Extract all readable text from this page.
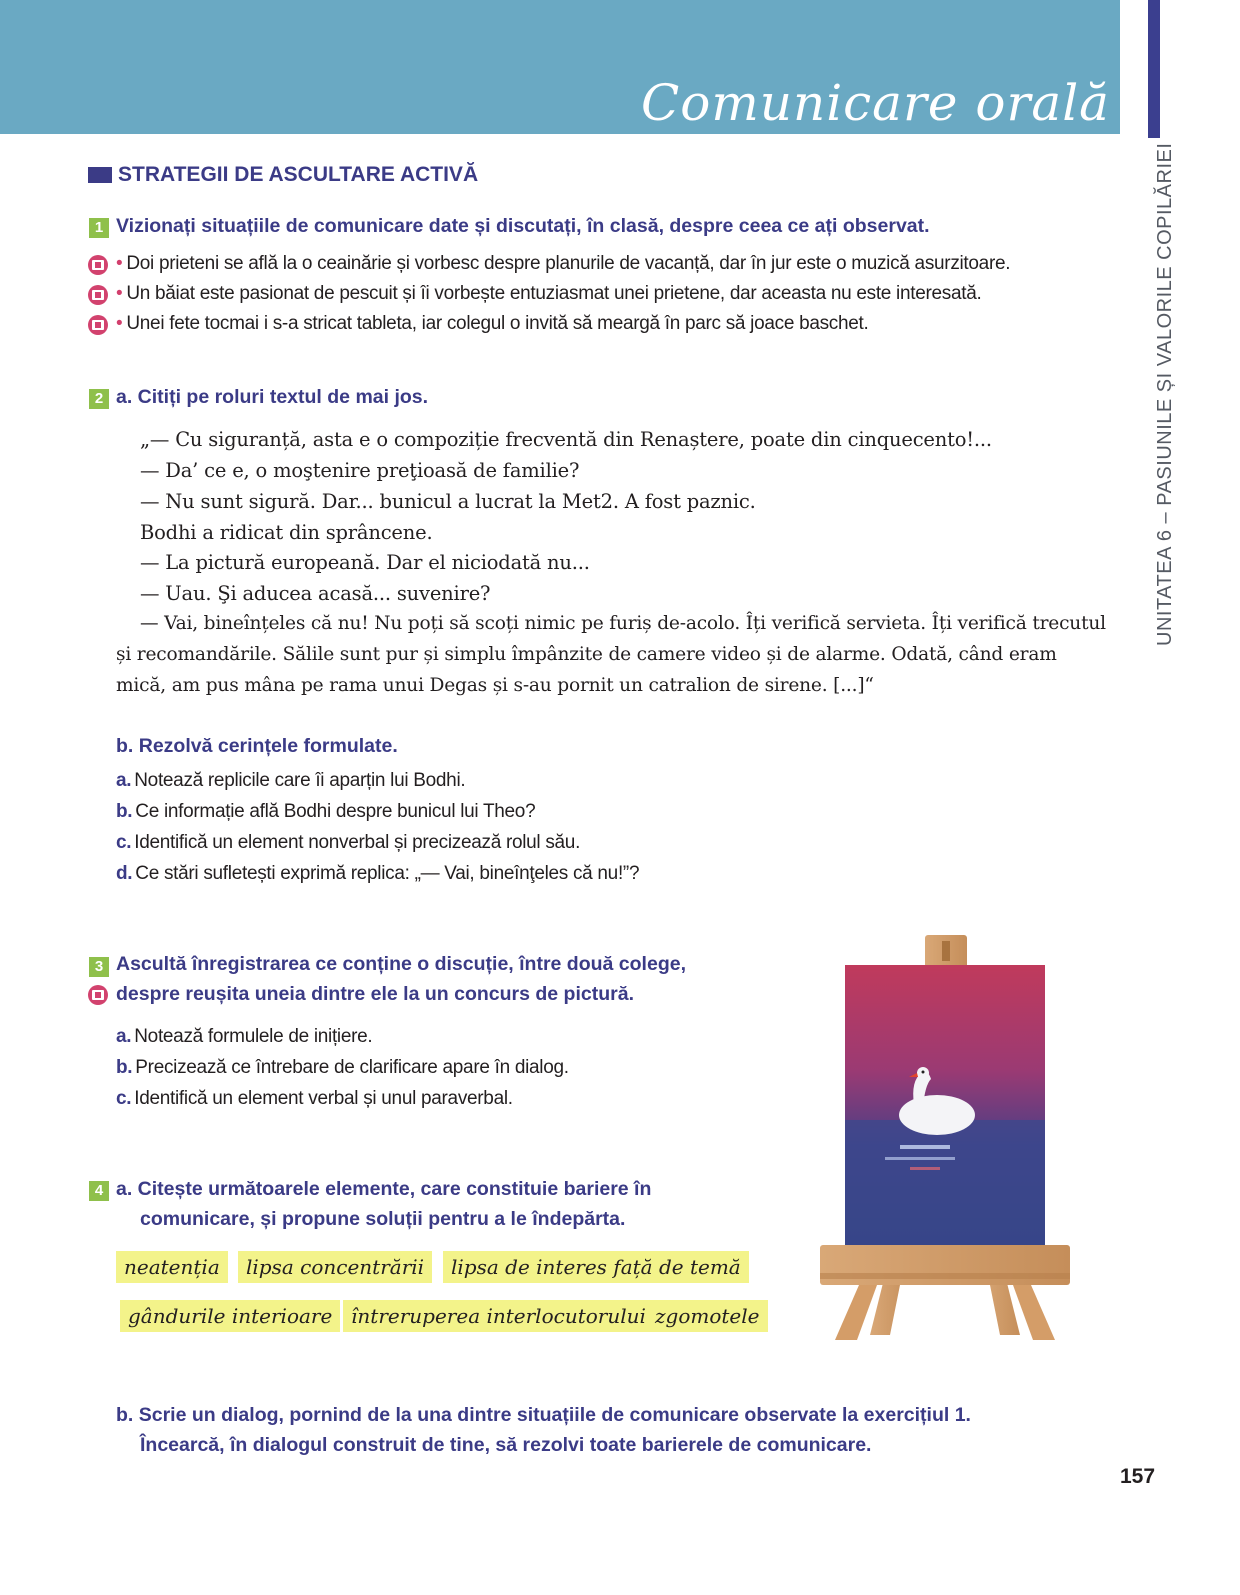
Comunicare orală
UNITATEA 6 – PASIUNILE ȘI VALORILE COPILĂRIEI
STRATEGII DE ASCULTARE ACTIVĂ
1 Vizionați situațiile de comunicare date și discutați, în clasă, despre ceea ce ați observat.
• Doi prieteni se află la o ceainărie și vorbesc despre planurile de vacanță, dar în jur este o muzică asurzitoare.
• Un băiat este pasionat de pescuit și îi vorbește entuziasmat unei prietene, dar aceasta nu este interesată.
• Unei fete tocmai i s-a stricat tableta, iar colegul o invită să meargă în parc să joace baschet.
2 a. Citiți pe roluri textul de mai jos.
„— Cu siguranță, asta e o compoziție frecventă din Renaștere, poate din cinquecento!...
— Da’ ce e, o moştenire preţioasă de familie?
— Nu sunt sigură. Dar... bunicul a lucrat la Met2. A fost paznic.
Bodhi a ridicat din sprâncene.
— La pictură europeană. Dar el niciodată nu...
— Uau. Şi aducea acasă... suvenire?
— Vai, bineînțeles că nu! Nu poți să scoți nimic pe furiș de-acolo. Îți verifică servieta. Îți verifică trecutul
și recomandările. Sălile sunt pur și simplu împânzite de camere video și de alarme. Odată, când eram
mică, am pus mâna pe rama unui Degas și s-au pornit un catralion de sirene. [...]“
b. Rezolvă cerințele formulate.
a. Notează replicile care îi aparțin lui Bodhi.
b. Ce informație află Bodhi despre bunicul lui Theo?
c. Identifică un element nonverbal și precizează rolul său.
d. Ce stări sufletești exprimă replica: „— Vai, bineînţeles că nu!”?
3 Ascultă înregistrarea ce conține o discuție, între două colege,
despre reușita uneia dintre ele la un concurs de pictură.
a. Notează formulele de inițiere.
b. Precizează ce întrebare de clarificare apare în dialog.
c. Identifică un element verbal și unul paraverbal.
4 a. Citește următoarele elemente, care constituie bariere în
comunicare, și propune soluții pentru a le îndepărta.
neatenția	lipsa concentrării	lipsa de interes față de temă
gândurile interioare întreruperea interlocutorului zgomotele
b. Scrie un dialog, pornind de la una dintre situațiile de comunicare observate la exercițiul 1.
Încearcă, în dialogul construit de tine, să rezolvi toate barierele de comunicare.
157
